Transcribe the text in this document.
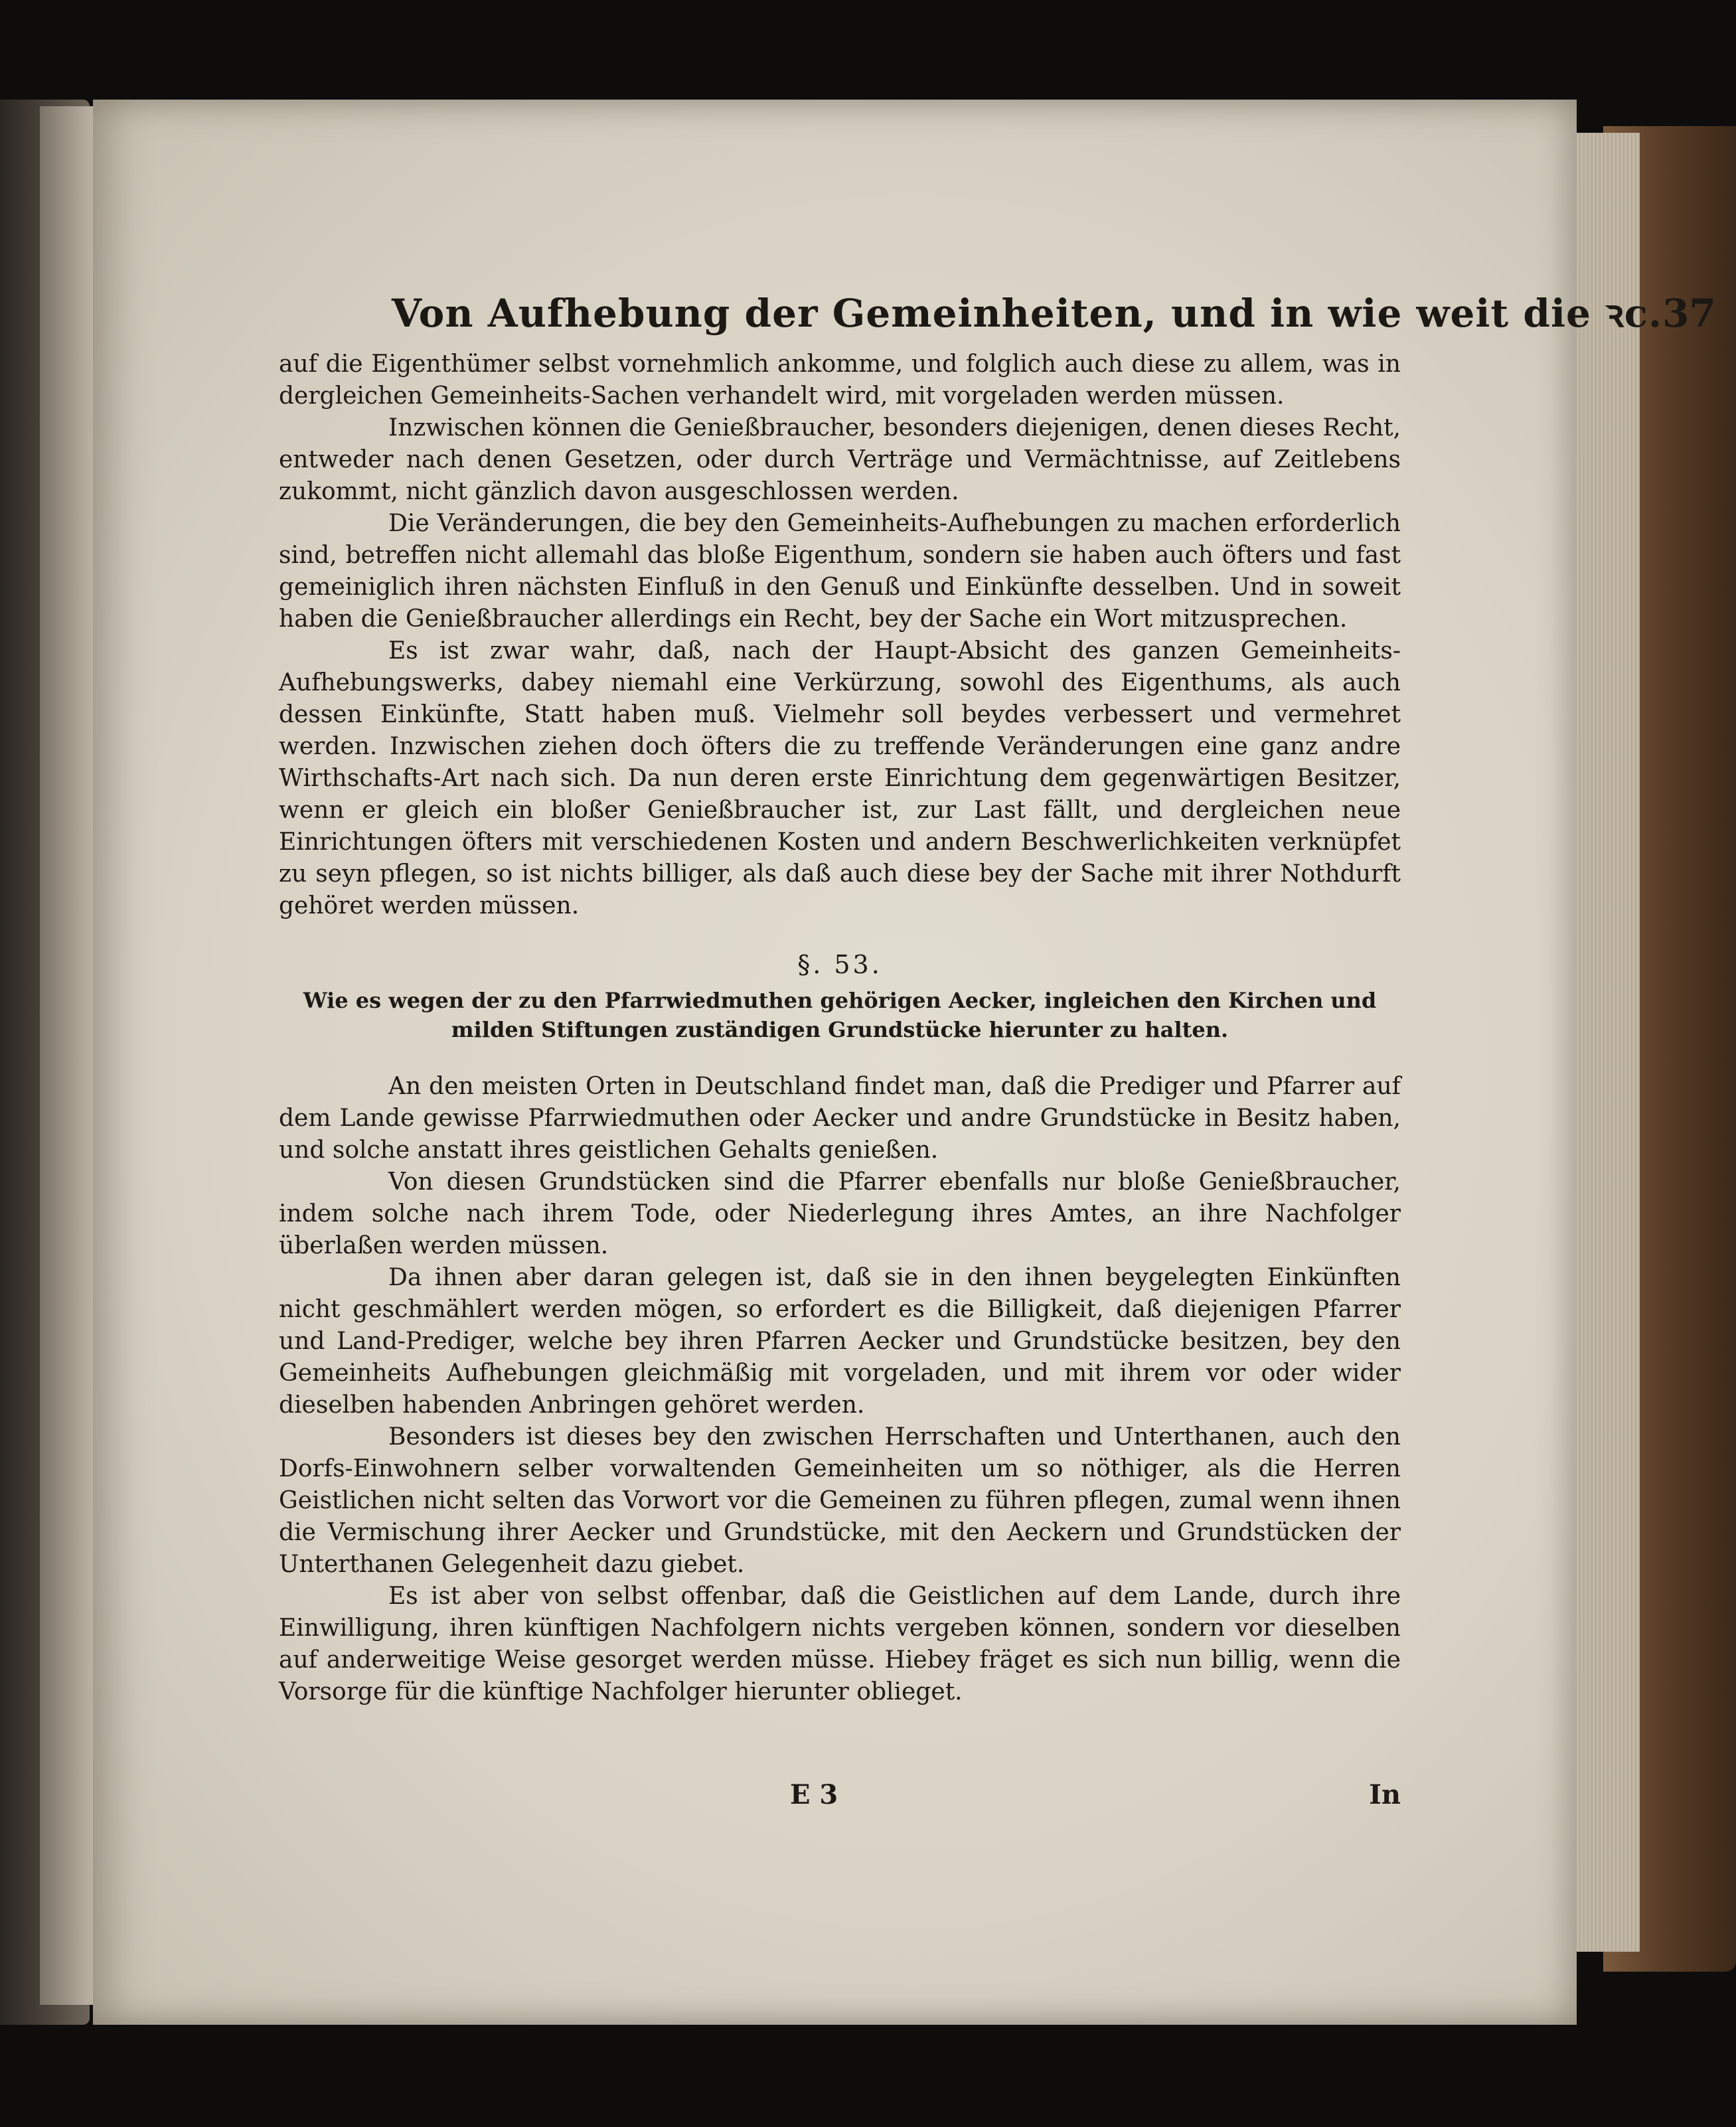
Von Aufhebung der Gemeinheiten, und in wie weit die ꝛc. 37

auf die Eigenthümer selbst vornehmlich ankomme, und folglich auch diese zu allem, was in dergleichen Gemeinheits-Sachen verhandelt wird, mit vorgeladen werden müssen.

Inzwischen können die Genießbraucher, besonders diejenigen, denen dieses Recht, entweder nach denen Gesetzen, oder durch Verträge und Vermächtnisse, auf Zeitlebens zukommt, nicht gänzlich davon ausgeschlossen werden.

Die Veränderungen, die bey den Gemeinheits-Aufhebungen zu machen erforderlich sind, betreffen nicht allemahl das bloße Eigenthum, sondern sie haben auch öfters und fast gemeiniglich ihren nächsten Einfluß in den Genuß und Einkünfte desselben. Und in soweit haben die Genießbraucher allerdings ein Recht, bey der Sache ein Wort mitzusprechen.

Es ist zwar wahr, daß, nach der Haupt-Absicht des ganzen Gemeinheits-Aufhebungswerks, dabey niemahl eine Verkürzung, sowohl des Eigenthums, als auch dessen Einkünfte, Statt haben muß. Vielmehr soll beydes verbessert und vermehret werden. Inzwischen ziehen doch öfters die zu treffende Veränderungen eine ganz andre Wirthschafts-Art nach sich. Da nun deren erste Einrichtung dem gegenwärtigen Besitzer, wenn er gleich ein bloßer Genießbraucher ist, zur Last fällt, und dergleichen neue Einrichtungen öfters mit verschiedenen Kosten und andern Beschwerlichkeiten verknüpfet zu seyn pflegen, so ist nichts billiger, als daß auch diese bey der Sache mit ihrer Nothdurft gehöret werden müssen.

§. 53.
Wie es wegen der zu den Pfarrwiedmuthen gehörigen Aecker, ingleichen den Kirchen und milden Stiftungen zuständigen Grundstücke hierunter zu halten.

An den meisten Orten in Deutschland findet man, daß die Prediger und Pfarrer auf dem Lande gewisse Pfarrwiedmuthen oder Aecker und andre Grundstücke in Besitz haben, und solche anstatt ihres geistlichen Gehalts genießen.

Von diesen Grundstücken sind die Pfarrer ebenfalls nur bloße Genießbraucher, indem solche nach ihrem Tode, oder Niederlegung ihres Amtes, an ihre Nachfolger überlaßen werden müssen.

Da ihnen aber daran gelegen ist, daß sie in den ihnen beygelegten Einkünften nicht geschmählert werden mögen, so erfordert es die Billigkeit, daß diejenigen Pfarrer und Land-Prediger, welche bey ihren Pfarren Aecker und Grundstücke besitzen, bey den Gemeinheits Aufhebungen gleichmäßig mit vorgeladen, und mit ihrem vor oder wider dieselben habenden Anbringen gehöret werden.

Besonders ist dieses bey den zwischen Herrschaften und Unterthanen, auch den Dorfs-Einwohnern selber vorwaltenden Gemeinheiten um so nöthiger, als die Herren Geistlichen nicht selten das Vorwort vor die Gemeinen zu führen pflegen, zumal wenn ihnen die Vermischung ihrer Aecker und Grundstücke, mit den Aeckern und Grundstücken der Unterthanen Gelegenheit dazu giebet.

Es ist aber von selbst offenbar, daß die Geistlichen auf dem Lande, durch ihre Einwilligung, ihren künftigen Nachfolgern nichts vergeben können, sondern vor dieselben auf anderweitige Weise gesorget werden müsse. Hiebey fräget es sich nun billig, wenn die Vorsorge für die künftige Nachfolger hierunter oblieget.

E 3	In
